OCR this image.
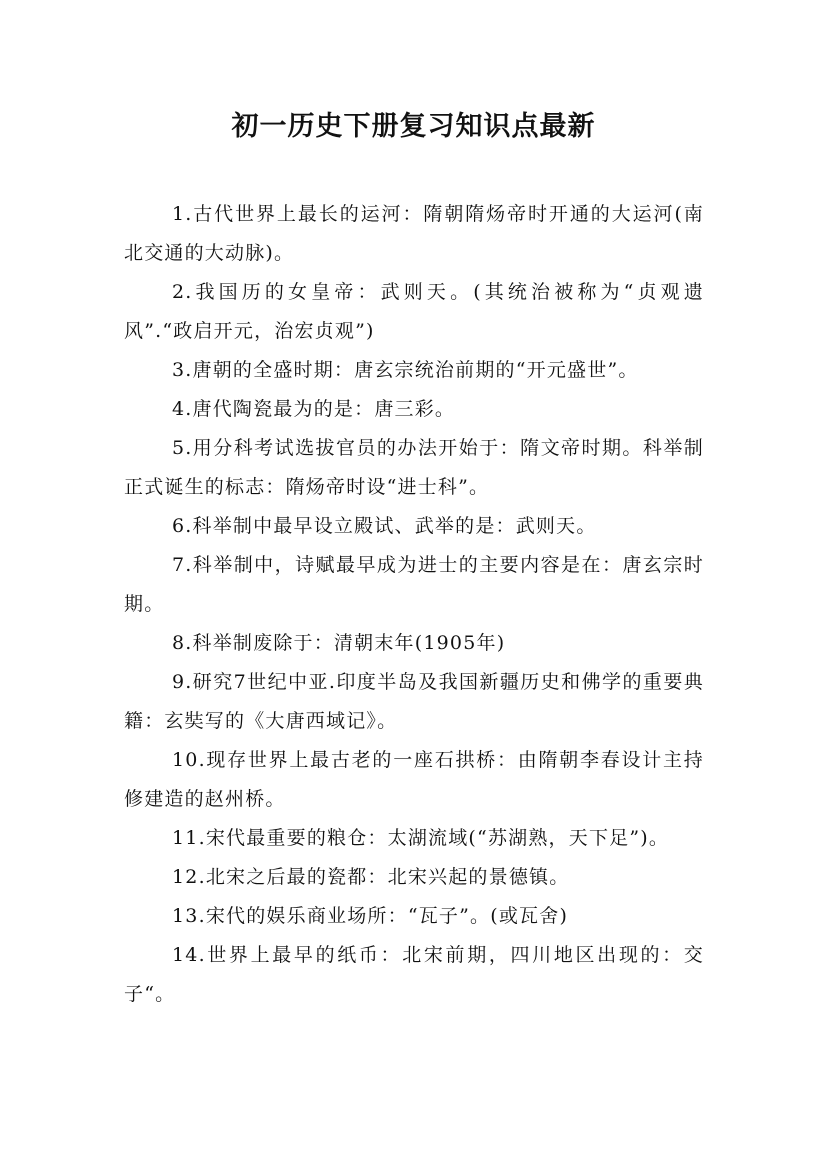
初一历史下册复习知识点最新

1.古代世界上最长的运河：隋朝隋炀帝时开通的大运河(南北交通的大动脉)。

2.我国历的女皇帝：武则天。(其统治被称为“贞观遗风”.“政启开元，治宏贞观”)

3.唐朝的全盛时期：唐玄宗统治前期的“开元盛世”。

4.唐代陶瓷最为的是：唐三彩。

5.用分科考试选拔官员的办法开始于：隋文帝时期。科举制正式诞生的标志：隋炀帝时设“进士科”。

6.科举制中最早设立殿试、武举的是：武则天。

7.科举制中，诗赋最早成为进士的主要内容是在：唐玄宗时期。

8.科举制废除于：清朝末年(1905年)

9.研究7世纪中亚.印度半岛及我国新疆历史和佛学的重要典籍：玄奘写的《大唐西域记》。

10.现存世界上最古老的一座石拱桥：由隋朝李春设计主持修建造的赵州桥。

11.宋代最重要的粮仓：太湖流域(“苏湖熟，天下足”)。

12.北宋之后最的瓷都：北宋兴起的景德镇。

13.宋代的娱乐商业场所：“瓦子”。(或瓦舍)

14.世界上最早的纸币：北宋前期，四川地区出现的：交子“。
